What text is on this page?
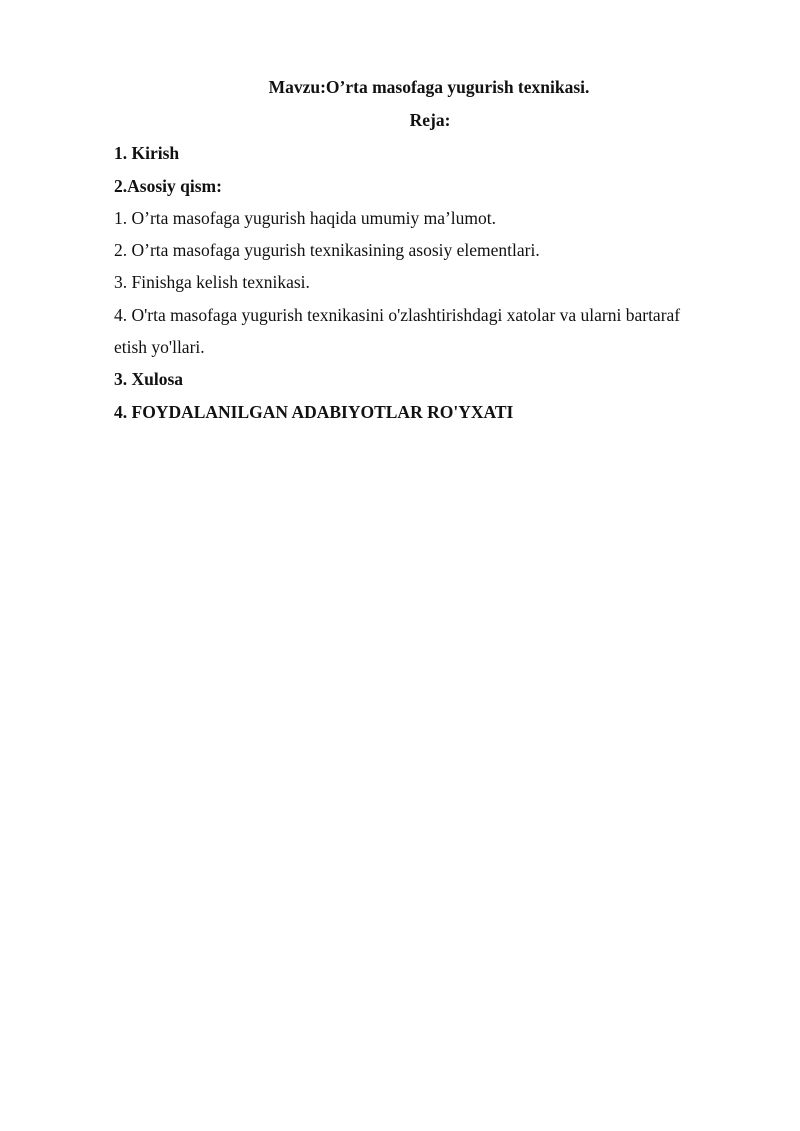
Mavzu:O’rta masofaga yugurish texnikasi.
Reja:
1. Kirish
2.Asosiy qism:
1. O’rta masofaga yugurish haqida umumiy ma’lumot.
2. O’rta masofaga yugurish texnikasining asosiy elementlari.
3. Finishga kelish texnikasi.
4. O'rta masofaga yugurish texnikasini o'zlashtirishdagi xatolar va ularni bartaraf
etish yo'llari.
3. Xulosa
4. FOYDALANILGAN ADABIYOTLAR RO'YXATI
